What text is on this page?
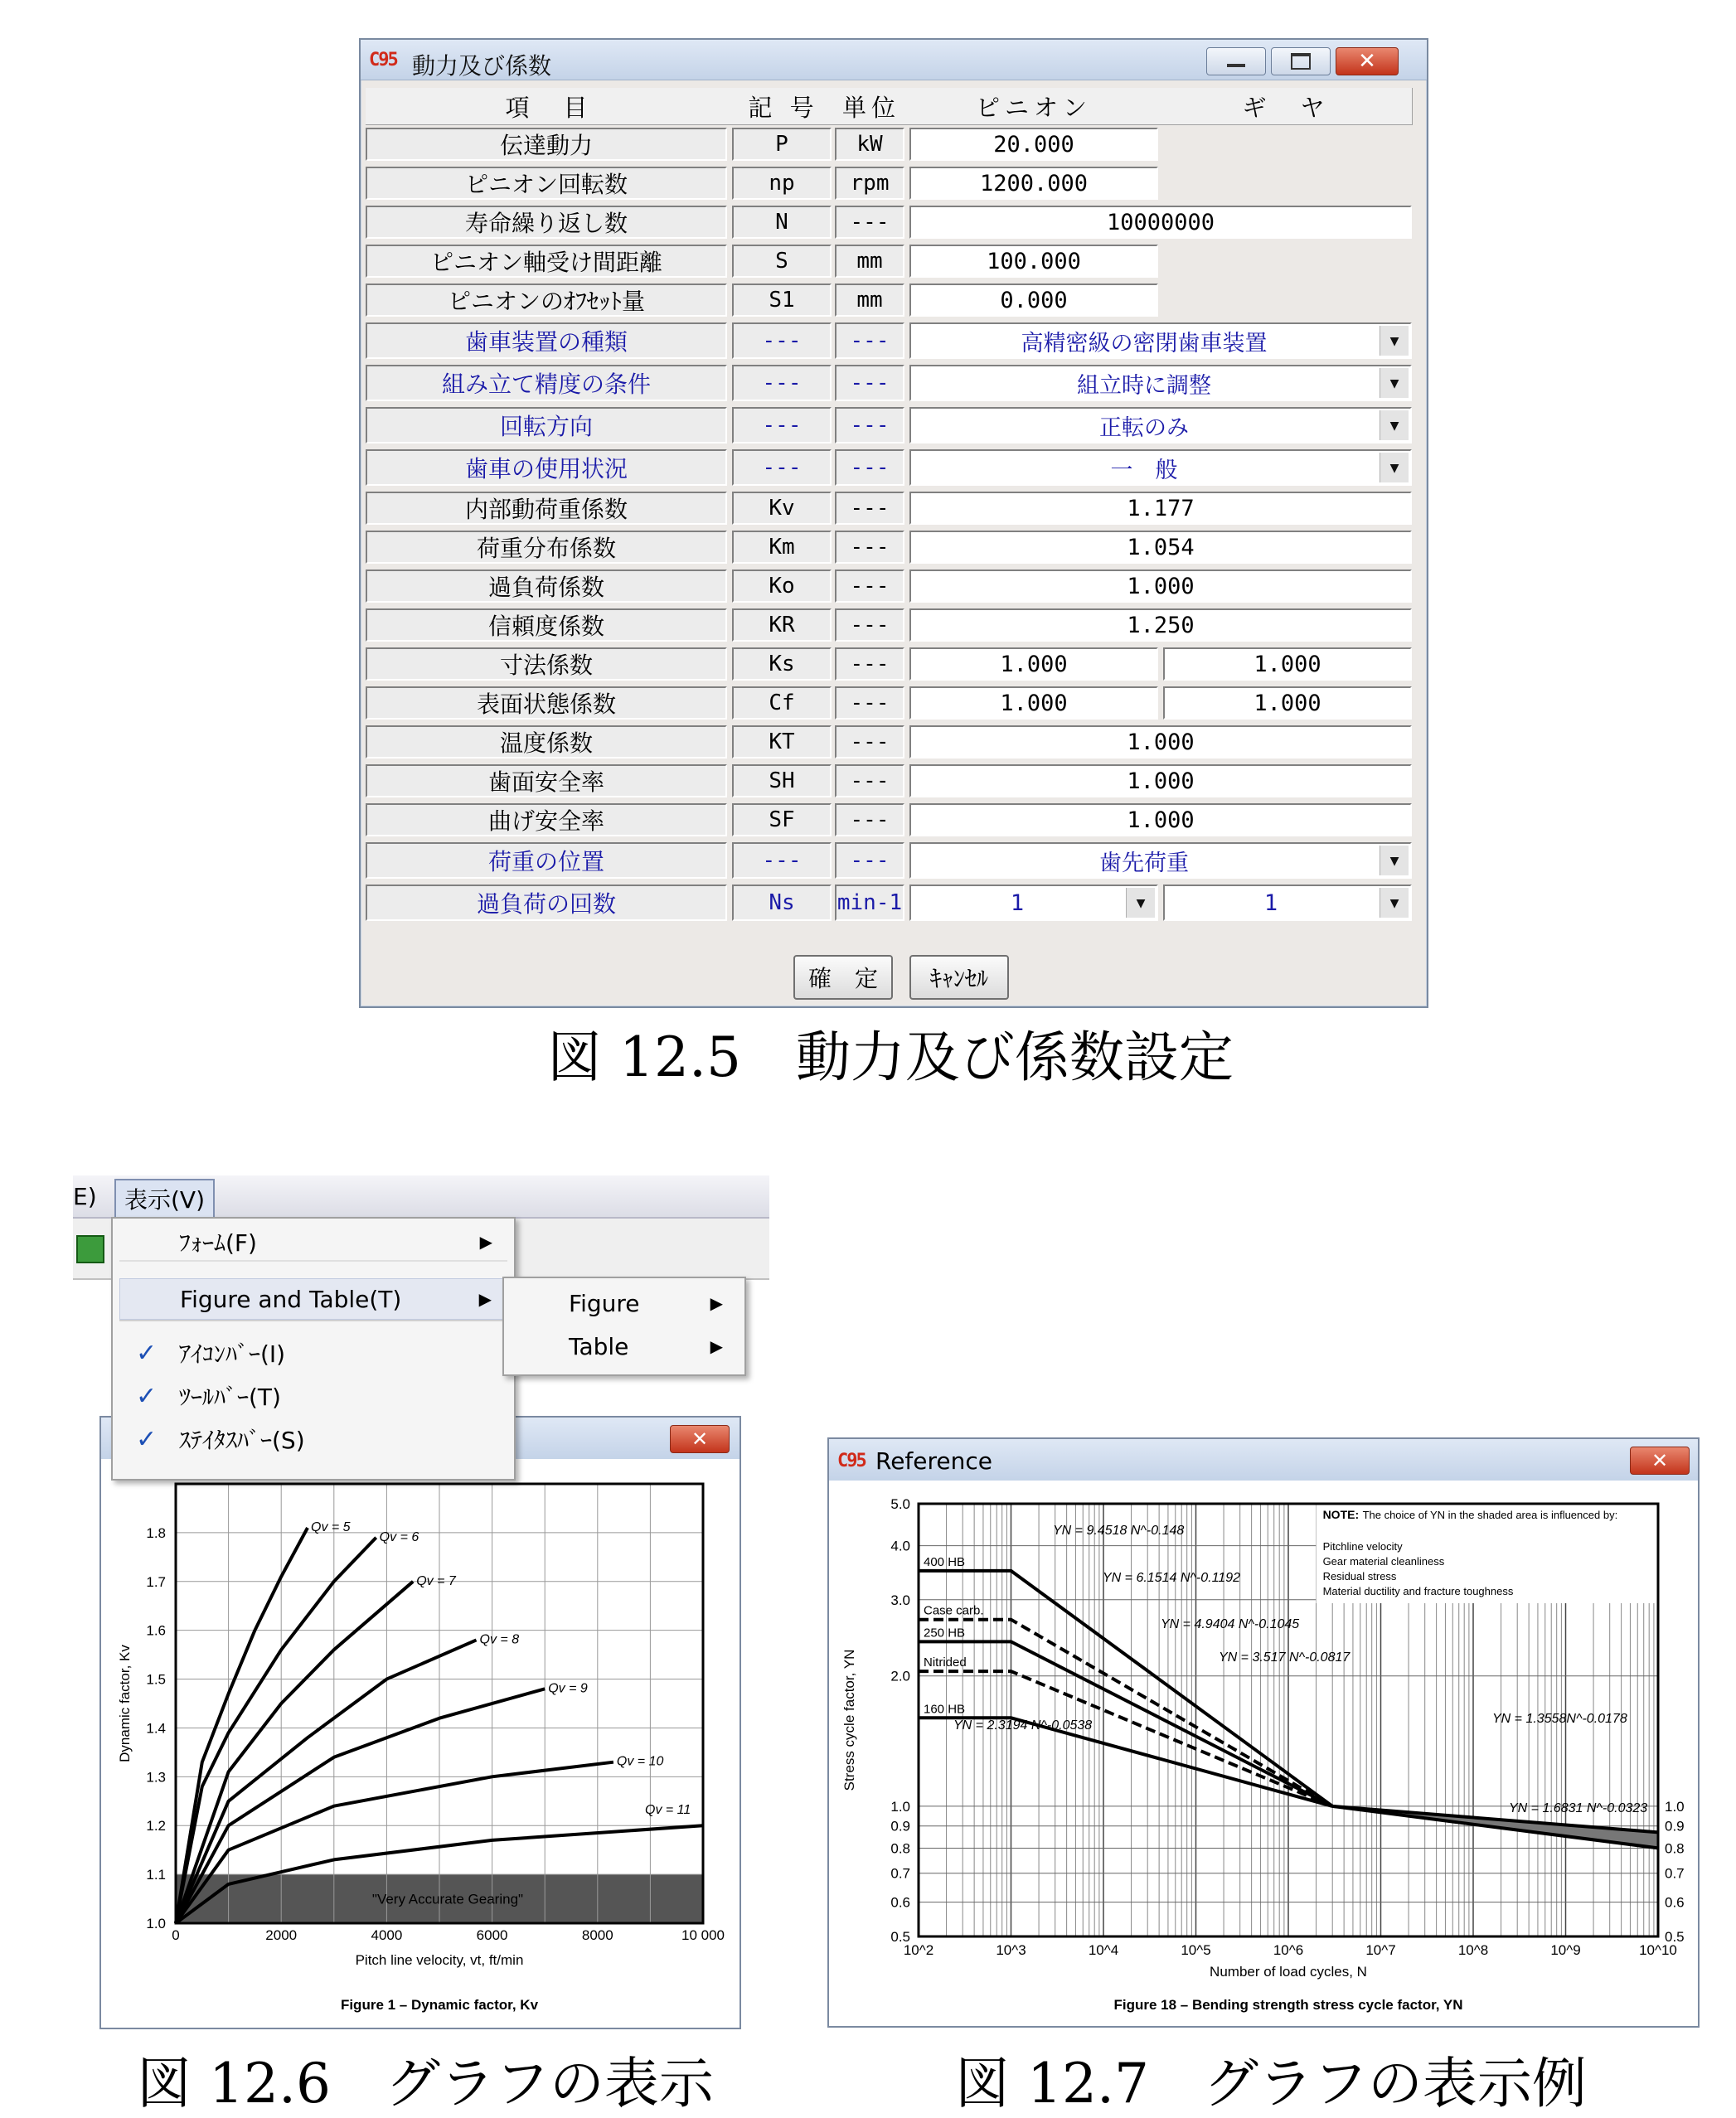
C95 動力及び係数	✕
項　目	記 号 単位	ピニオン	ギ　ヤ
伝達動力	P	kW	20.000
ピニオン回転数	np	rpm	1200.000
寿命繰り返し数	N	---	10000000
ピニオン軸受け間距離	S	mm	100.000
ピニオンのｵﾌｾｯﾄ量	S1	mm	0.000
歯車装置の種類	---	---	高精密級の密閉歯車装置	▼
組み立て精度の条件	---	---	組立時に調整	▼
回転方向	---	---	正転のみ	▼
歯車の使用状況	---	---	一　般	▼
内部動荷重係数	Kv	---	1.177
荷重分布係数	Km	---	1.054
過負荷係数	Ko	---	1.000
信頼度係数	KR	---	1.250
寸法係数	Ks	---	1.000	1.000
表面状態係数	Cf	---	1.000	1.000
温度係数	KT	---	1.000
歯面安全率	SH	---	1.000
曲げ安全率	SF	---	1.000
荷重の位置	---	---	歯先荷重	▼
過負荷の回数	Ns	min-1	1	▼	1	▼
確　定	ｷｬﾝｾﾙ
図 12.5　動力及び係数設定
E)	表示(V)
✕
Qv = 5
Qv = 6
Qv = 7
Qv = 8
Qv = 9
Qv = 10
Qv = 11
"Very Accurate Gearing"
0	2000	4000	6000	8000	10 000
1.0
1.1
1.2
1.3
1.4
1.5
1.6
1.7
1.8
Pitch line velocity, vt, ft/min
Dynamic factor, Kv
Figure 1 – Dynamic factor, Kv
ﾌｫｰﾑ(F)	▶
Figure and Table(T)	▶
✓ ｱｲｺﾝﾊﾞｰ(I)
✓ ﾂｰﾙﾊﾞｰ(T)
✓ ｽﾃｲﾀｽﾊﾞｰ(S)
Figure	▶
Table	▶
図 12.6　グラフの表示
C95 Reference	✕
400 HB
Case carb.
250 HB
Nitrided
160 HB
YN = 9.4518 N^-0.148
YN = 6.1514 N^-0.1192
YN = 4.9404 N^-0.1045
YN = 3.517 N^-0.0817
YN = 2.3194 N^-0.0538	YN = 1.3558N^-0.0178
YN = 1.6831 N^-0.0323
NOTE: The choice of YN in the shaded area is influenced by:
Pitchline velocity
Gear material cleanliness
Residual stress
Material ductility and fracture toughness
10^2	10^3	10^4	10^5	10^6	10^7	10^8	10^9	10^10
0.5
0.6
0.7
0.8
0.9
1.0
2.0
3.0
4.0
5.0
0.5
0.6
0.7
0.8
0.9
1.0
Number of load cycles, N
Stress cycle factor, YN
Figure 18 – Bending strength stress cycle factor, YN
図 12.7　グラフの表示例
